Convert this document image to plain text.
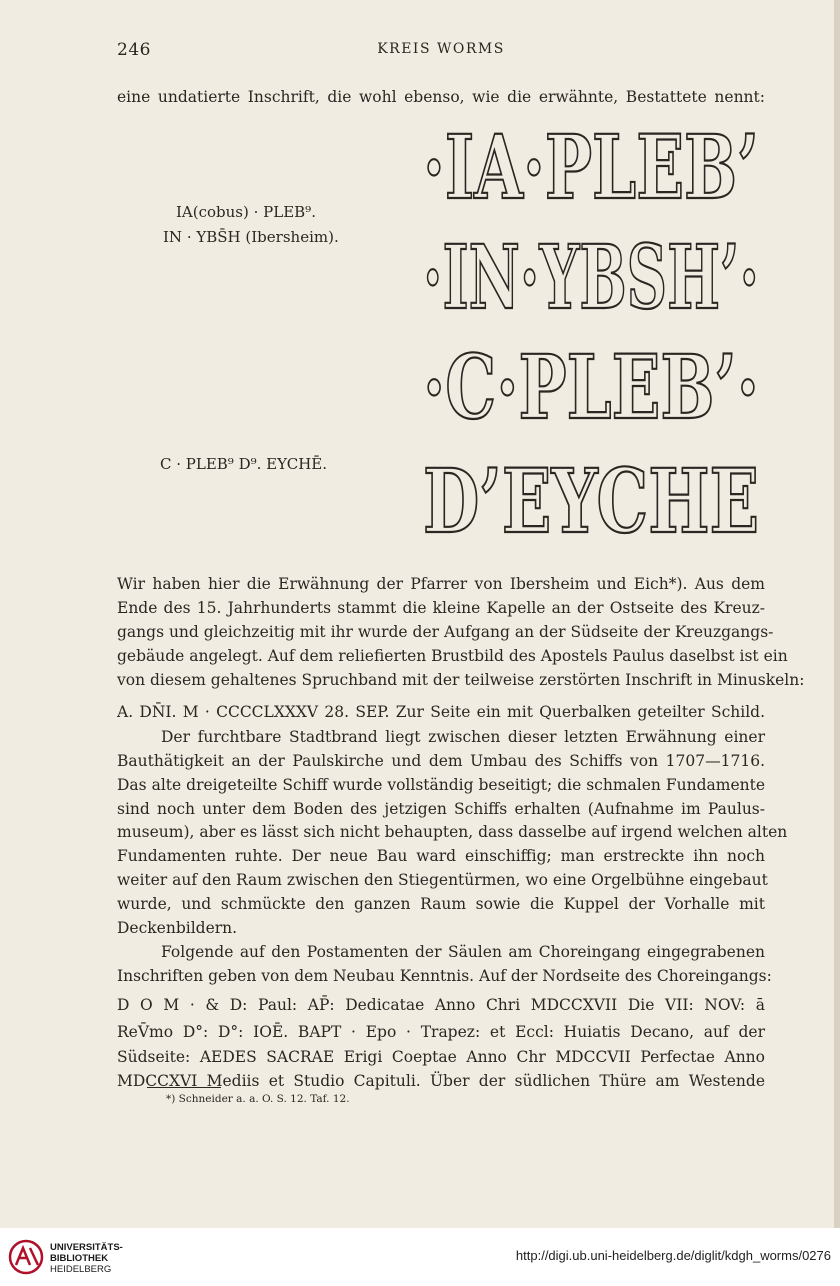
246	KREIS WORMS
eine undatierte Inschrift, die wohl ebenso, wie die erwähnte, Bestattete nennt:
IA(cobus) · PLEB⁹.
IN · YBS̄H (Ibersheim).
C · PLEB⁹ D⁹. EYCHĒ.
·IA·PLEB’
·IN·YBSH’·
·C·PLEB’·
D’EYCHE
Wir haben hier die Erwähnung der Pfarrer von Ibersheim und Eich*). Aus dem
Ende des 15. Jahrhunderts stammt die kleine Kapelle an der Ostseite des Kreuz-
gangs und gleichzeitig mit ihr wurde der Aufgang an der Südseite der Kreuzgangs-
gebäude angelegt. Auf dem reliefierten Brustbild des Apostels Paulus daselbst ist ein
von diesem gehaltenes Spruchband mit der teilweise zerstörten Inschrift in Minuskeln:
A. DN̄I. M · CCCCLXXXV 28. SEP. Zur Seite ein mit Querbalken geteilter Schild.
Der furchtbare Stadtbrand liegt zwischen dieser letzten Erwähnung einer
Bauthätigkeit an der Paulskirche und dem Umbau des Schiffs von 1707—1716.
Das alte dreigeteilte Schiff wurde vollständig beseitigt; die schmalen Fundamente
sind noch unter dem Boden des jetzigen Schiffs erhalten (Aufnahme im Paulus-
museum), aber es lässt sich nicht behaupten, dass dasselbe auf irgend welchen alten
Fundamenten ruhte. Der neue Bau ward einschiffig; man erstreckte ihn noch
weiter auf den Raum zwischen den Stiegentürmen, wo eine Orgelbühne eingebaut
wurde, und schmückte den ganzen Raum sowie die Kuppel der Vorhalle mit
Deckenbildern.
Folgende auf den Postamenten der Säulen am Choreingang eingegrabenen
Inschriften geben von dem Neubau Kenntnis. Auf der Nordseite des Choreingangs:
D O M · & D: Paul: AP̄: Dedicatae Anno Chri MDCCXVII Die VII: NOV: ā
ReV̄mo D°: D°: IOĒ. BAPT · Epo · Trapez: et Eccl: Huiatis Decano, auf der
Südseite: AEDES SACRAE Erigi Coeptae Anno Chr MDCCVII Perfectae Anno
MDCCXVI Mediis et Studio Capituli. Über der südlichen Thüre am Westende
*) Schneider a. a. O. S. 12. Taf. 12.
UNIVERSITÄTS-
BIBLIOTHEK
HEIDELBERG
http://digi.ub.uni-heidelberg.de/diglit/kdgh_worms/0276
